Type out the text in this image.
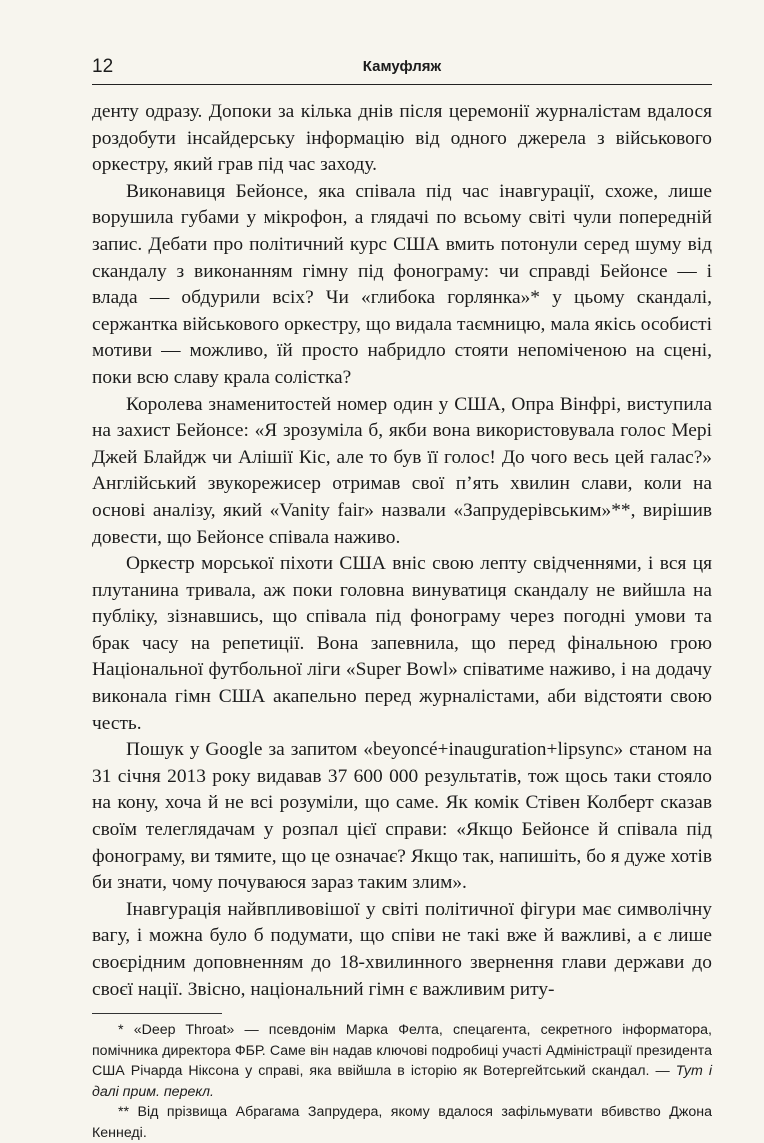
12	Камуфляж

денту одразу. Допоки за кілька днів після церемонії журналістам вдалося роздобути інсайдерську інформацію від одного джерела з військового оркестру, який грав під час заходу.

Виконавиця Бейонсе, яка співала під час інавгурації, схоже, лише ворушила губами у мікрофон, а глядачі по всьому світі чули попередній запис. Дебати про політичний курс США вмить потонули серед шуму від скандалу з виконанням гімну під фонограму: чи справді Бейонсе — і влада — обдурили всіх? Чи «глибока горлянка»* у цьому скандалі, сержантка військового оркестру, що видала таємницю, мала якісь особисті мотиви — можливо, їй просто набридло стояти непоміченою на сцені, поки всю славу крала солістка?

Королева знаменитостей номер один у США, Опра Вінфрі, виступила на захист Бейонсе: «Я зрозуміла б, якби вона використовувала голос Мері Джей Блайдж чи Алішії Кіс, але то був її голос! До чого весь цей галас?» Англійський звукорежисер отримав свої п’ять хвилин слави, коли на основі аналізу, який «Vanity fair» назвали «Запрудерівським»**, вирішив довести, що Бейонсе співала наживо.

Оркестр морської піхоти США вніс свою лепту свідченнями, і вся ця плутанина тривала, аж поки головна винуватиця скандалу не вийшла на публіку, зізнавшись, що співала під фонограму через погодні умови та брак часу на репетиції. Вона запевнила, що перед фінальною грою Національної футбольної ліги «Super Bowl» співатиме наживо, і на додачу виконала гімн США акапельно перед журналістами, аби відстояти свою честь.

Пошук у Google за запитом «beyoncé+inauguration+lipsync» станом на 31 січня 2013 року видавав 37 600 000 результатів, тож щось таки стояло на кону, хоча й не всі розуміли, що саме. Як комік Стівен Колберт сказав своїм телеглядачам у розпал цієї справи: «Якщо Бейонсе й співала під фонограму, ви тямите, що це означає? Якщо так, напишіть, бо я дуже хотів би знати, чому почуваюся зараз таким злим».

Інавгурація найвпливовішої у світі політичної фігури має символічну вагу, і можна було б подумати, що співи не такі вже й важливі, а є лише своєрідним доповненням до 18-хвилинного звернення глави держави до своєї нації. Звісно, національний гімн є важливим риту-

* «Deep Throat» — псевдонім Марка Фелта, спецагента, секретного інформатора, помічника директора ФБР. Саме він надав ключові подробиці участі Адміністрації президента США Річарда Ніксона у справі, яка ввійшла в історію як Вотергейтський скандал. — Тут і далі прим. перекл.

** Від прізвища Абрагама Запрудера, якому вдалося зафільмувати вбивство Джона Кеннеді.
